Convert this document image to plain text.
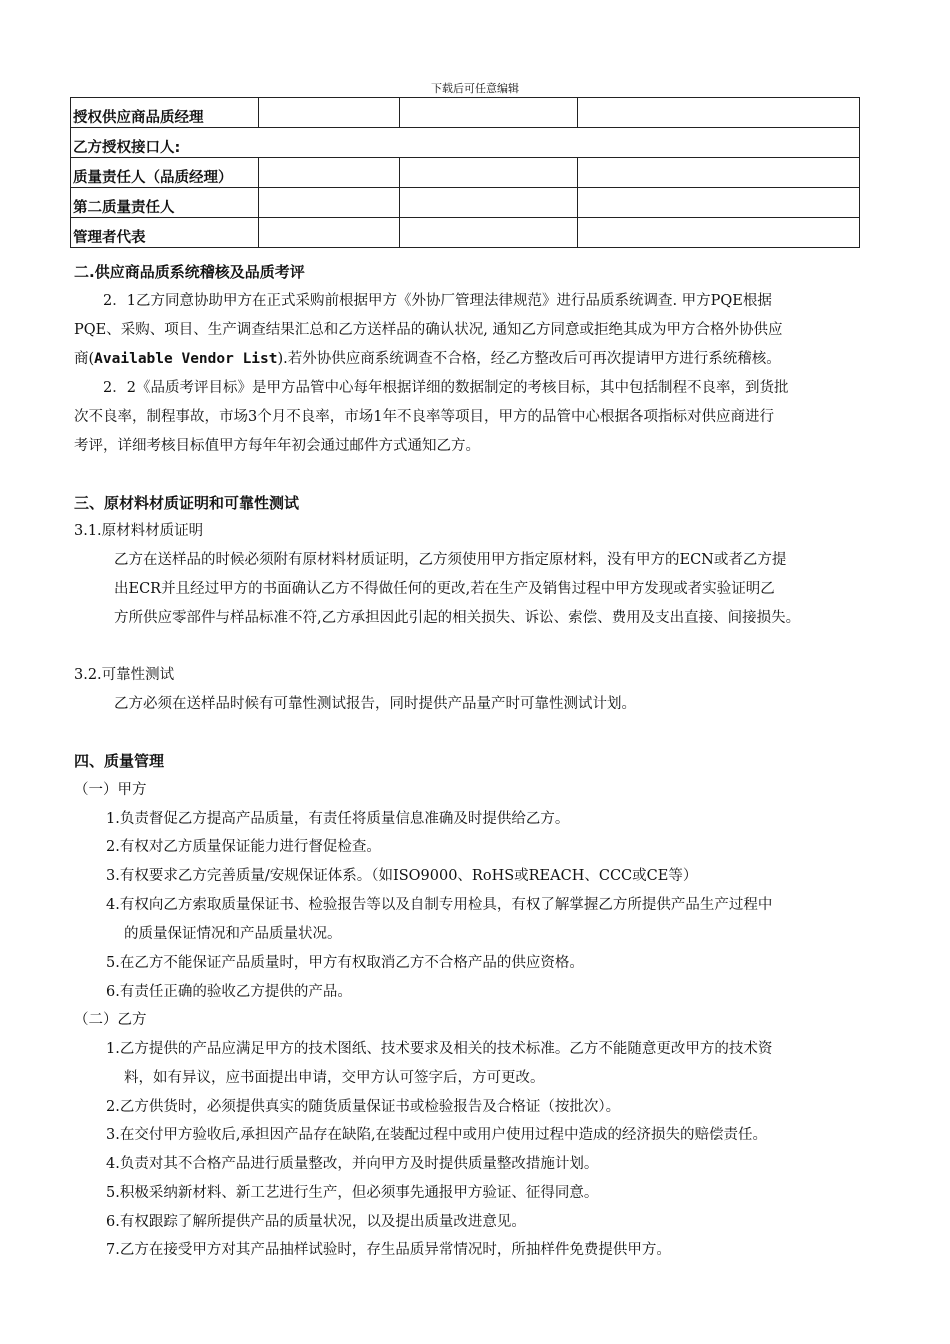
下载后可任意编辑
授权供应商品质经理			
乙方授权接口人:			
质量责任人（品质经理）			
第二质量责任人			
管理者代表			
二.供应商品质系统稽核及品质考评
2．1乙方同意协助甲方在正式采购前根据甲方《外协厂管理法律规范》进行品质系统调查. 甲方PQE根据
PQE、采购、项目、生产调查结果汇总和乙方送样品的确认状况, 通知乙方同意或拒绝其成为甲方合格外协供应
商(Available Vendor List).若外协供应商系统调查不合格，经乙方整改后可再次提请甲方进行系统稽核。
2．2《品质考评目标》是甲方品管中心每年根据详细的数据制定的考核目标，其中包括制程不良率，到货批
次不良率，制程事故，市场3个月不良率，市场1年不良率等项目，甲方的品管中心根据各项指标对供应商进行
考评，详细考核目标值甲方每年年初会通过邮件方式通知乙方。
三、原材料材质证明和可靠性测试
3.1.原材料材质证明
乙方在送样品的时候必须附有原材料材质证明，乙方须使用甲方指定原材料，没有甲方的ECN或者乙方提
出ECR并且经过甲方的书面确认乙方不得做任何的更改,若在生产及销售过程中甲方发现或者实验证明乙
方所供应零部件与样品标准不符,乙方承担因此引起的相关损失、诉讼、索偿、费用及支出直接、间接损失。
3.2.可靠性测试
乙方必须在送样品时候有可靠性测试报告，同时提供产品量产时可靠性测试计划。
四、质量管理
（一）甲方
1.负责督促乙方提高产品质量，有责任将质量信息准确及时提供给乙方。
2.有权对乙方质量保证能力进行督促检查。
3.有权要求乙方完善质量/安规保证体系。（如ISO9000、RoHS或REACH、CCC或CE等）
4.有权向乙方索取质量保证书、检验报告等以及自制专用检具，有权了解掌握乙方所提供产品生产过程中
的质量保证情况和产品质量状况。
5.在乙方不能保证产品质量时，甲方有权取消乙方不合格产品的供应资格。
6.有责任正确的验收乙方提供的产品。
（二）乙方
1.乙方提供的产品应满足甲方的技术图纸、技术要求及相关的技术标准。乙方不能随意更改甲方的技术资
料，如有异议，应书面提出申请，交甲方认可签字后，方可更改。
2.乙方供货时，必须提供真实的随货质量保证书或检验报告及合格证（按批次）。
3.在交付甲方验收后,承担因产品存在缺陷,在装配过程中或用户使用过程中造成的经济损失的赔偿责任。
4.负责对其不合格产品进行质量整改，并向甲方及时提供质量整改措施计划。
5.积极采纳新材料、新工艺进行生产，但必须事先通报甲方验证、征得同意。
6.有权跟踪了解所提供产品的质量状况，以及提出质量改进意见。
7.乙方在接受甲方对其产品抽样试验时，存生品质异常情况时，所抽样件免费提供甲方。
